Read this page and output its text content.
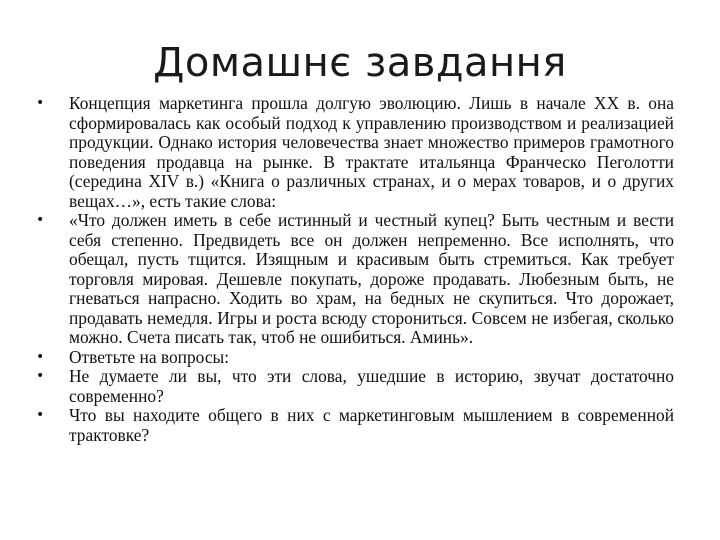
Домашнє завдання
•	Концепция маркетинга прошла долгую эволюцию. Лишь в начале XX в. она сформировалась как особый подход к управлению производством и реализацией продукции. Однако история человечества знает множество примеров грамотного поведения продавца на рынке. В трактате итальянца Франческо Пеголотти (середина XIV в.) «Книга о различных странах, и о мерах товаров, и о других вещах…», есть такие слова:
•	«Что должен иметь в себе истинный и честный купец? Быть честным и вести себя степенно. Предвидеть все он должен непременно. Все исполнять, что обещал, пусть тщится. Изящным и красивым быть стремиться. Как требует торговля мировая. Дешевле покупать, дороже продавать. Любезным быть, не гневаться напрасно. Ходить во храм, на бедных не скупиться. Что дорожает, продавать немедля. Игры и роста всюду сторониться. Совсем не избегая, сколько можно. Счета писать так, чтоб не ошибиться. Аминь».
•	Ответьте на вопросы:
•	Не думаете ли вы, что эти слова, ушедшие в историю, звучат достаточно современно?
•	Что вы находите общего в них с маркетинговым мышлением в современной трактовке?
